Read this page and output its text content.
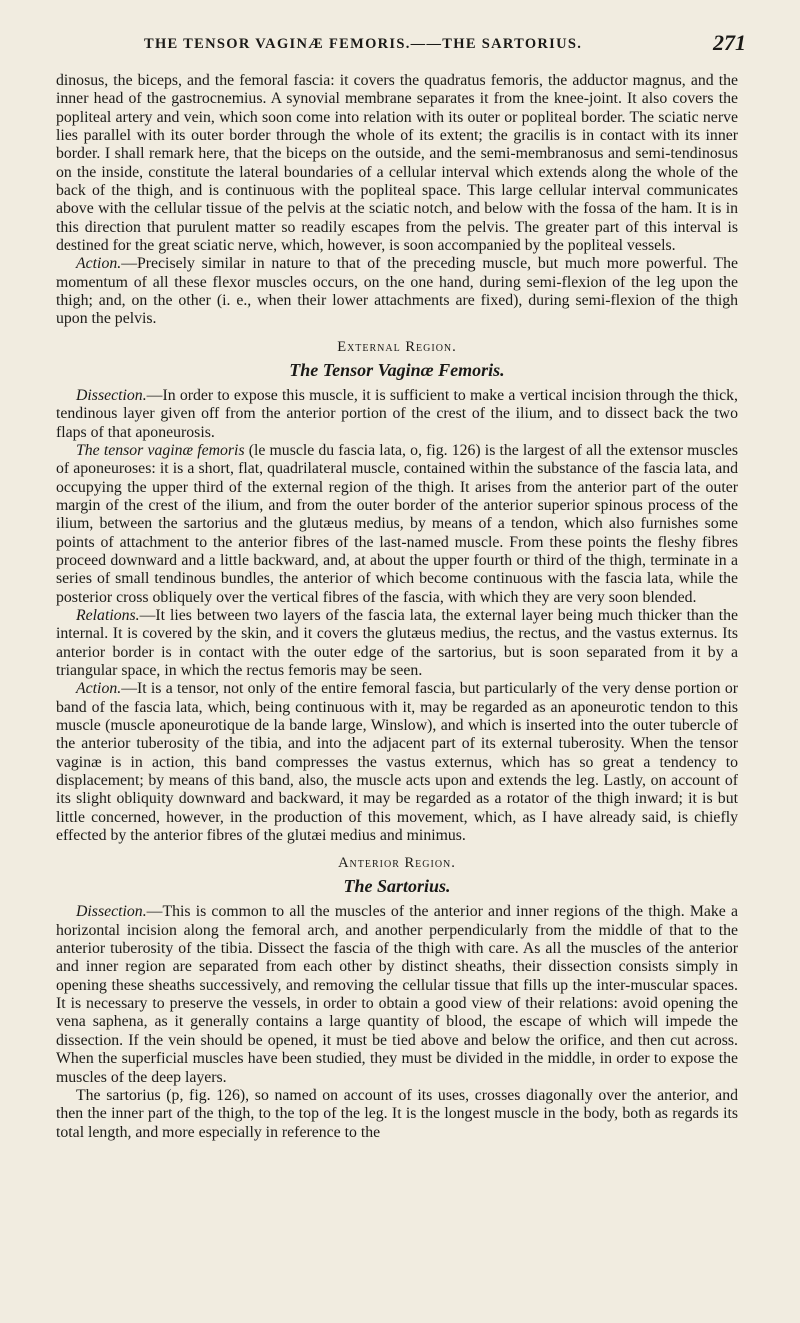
THE TENSOR VAGINÆ FEMORIS.——THE SARTORIUS.	271

dinosus, the biceps, and the femoral fascia: it covers the quadratus femoris, the adductor magnus, and the inner head of the gastrocnemius. A synovial membrane separates it from the knee-joint. It also covers the popliteal artery and vein, which soon come into relation with its outer or popliteal border. The sciatic nerve lies parallel with its outer border through the whole of its extent; the gracilis is in contact with its inner border. I shall remark here, that the biceps on the outside, and the semi-membranosus and semi-tendinosus on the inside, constitute the lateral boundaries of a cellular interval which extends along the whole of the back of the thigh, and is continuous with the popliteal space. This large cellular interval communicates above with the cellular tissue of the pelvis at the sciatic notch, and below with the fossa of the ham. It is in this direction that purulent matter so readily escapes from the pelvis. The greater part of this interval is destined for the great sciatic nerve, which, however, is soon accompanied by the popliteal vessels.

Action.—Precisely similar in nature to that of the preceding muscle, but much more powerful. The momentum of all these flexor muscles occurs, on the one hand, during semi-flexion of the leg upon the thigh; and, on the other (i. e., when their lower attachments are fixed), during semi-flexion of the thigh upon the pelvis.

External Region.
The Tensor Vaginæ Femoris.

Dissection.—In order to expose this muscle, it is sufficient to make a vertical incision through the thick, tendinous layer given off from the anterior portion of the crest of the ilium, and to dissect back the two flaps of that aponeurosis.

The tensor vaginæ femoris (le muscle du fascia lata, o, fig. 126) is the largest of all the extensor muscles of aponeuroses: it is a short, flat, quadrilateral muscle, contained within the substance of the fascia lata, and occupying the upper third of the external region of the thigh. It arises from the anterior part of the outer margin of the crest of the ilium, and from the outer border of the anterior superior spinous process of the ilium, between the sartorius and the glutæus medius, by means of a tendon, which also furnishes some points of attachment to the anterior fibres of the last-named muscle. From these points the fleshy fibres proceed downward and a little backward, and, at about the upper fourth or third of the thigh, terminate in a series of small tendinous bundles, the anterior of which become continuous with the fascia lata, while the posterior cross obliquely over the vertical fibres of the fascia, with which they are very soon blended.

Relations.—It lies between two layers of the fascia lata, the external layer being much thicker than the internal. It is covered by the skin, and it covers the glutæus medius, the rectus, and the vastus externus. Its anterior border is in contact with the outer edge of the sartorius, but is soon separated from it by a triangular space, in which the rectus femoris may be seen.

Action.—It is a tensor, not only of the entire femoral fascia, but particularly of the very dense portion or band of the fascia lata, which, being continuous with it, may be regarded as an aponeurotic tendon to this muscle (muscle aponeurotique de la bande large, Winslow), and which is inserted into the outer tubercle of the anterior tuberosity of the tibia, and into the adjacent part of its external tuberosity. When the tensor vaginæ is in action, this band compresses the vastus externus, which has so great a tendency to displacement; by means of this band, also, the muscle acts upon and extends the leg. Lastly, on account of its slight obliquity downward and backward, it may be regarded as a rotator of the thigh inward; it is but little concerned, however, in the production of this movement, which, as I have already said, is chiefly effected by the anterior fibres of the glutæi medius and minimus.

Anterior Region.
The Sartorius.

Dissection.—This is common to all the muscles of the anterior and inner regions of the thigh. Make a horizontal incision along the femoral arch, and another perpendicularly from the middle of that to the anterior tuberosity of the tibia. Dissect the fascia of the thigh with care. As all the muscles of the anterior and inner region are separated from each other by distinct sheaths, their dissection consists simply in opening these sheaths successively, and removing the cellular tissue that fills up the inter-muscular spaces. It is necessary to preserve the vessels, in order to obtain a good view of their relations: avoid opening the vena saphena, as it generally contains a large quantity of blood, the escape of which will impede the dissection. If the vein should be opened, it must be tied above and below the orifice, and then cut across. When the superficial muscles have been studied, they must be divided in the middle, in order to expose the muscles of the deep layers.

The sartorius (p, fig. 126), so named on account of its uses, crosses diagonally over the anterior, and then the inner part of the thigh, to the top of the leg. It is the longest muscle in the body, both as regards its total length, and more especially in reference to the
